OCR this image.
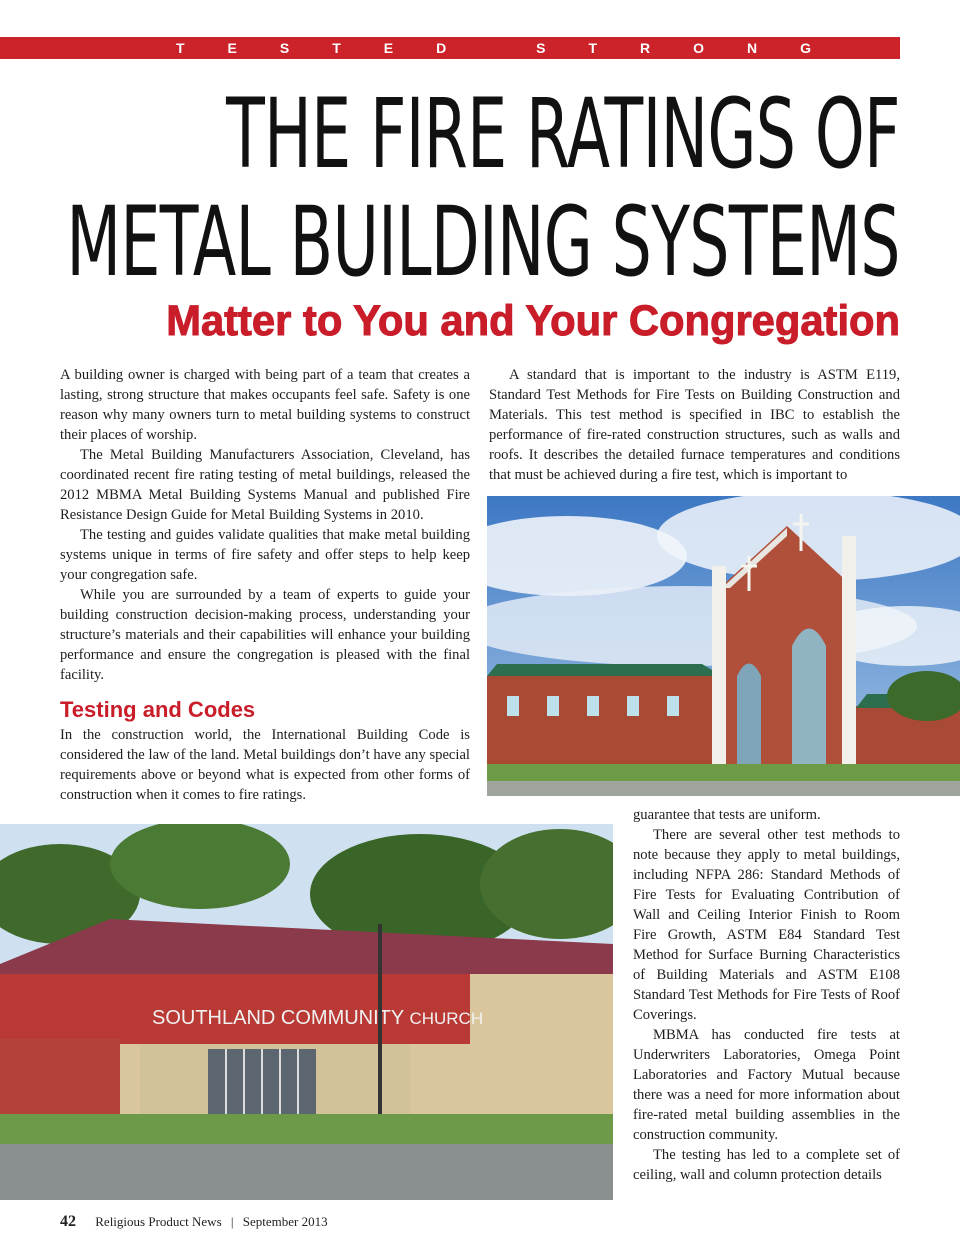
TESTED STRONG
THE FIRE RATINGS OF
METAL BUILDING SYSTEMS
Matter to You and Your Congregation

A building owner is charged with being part of a team that creates a lasting, strong structure that makes occupants feel safe. Safety is one reason why many owners turn to metal building systems to construct their places of worship.

The Metal Building Manufacturers Association, Cleveland, has coordinated recent fire rating testing of metal buildings, released the 2012 MBMA Metal Building Systems Manual and published Fire Resistance Design Guide for Metal Building Systems in 2010.

The testing and guides validate qualities that make metal building systems unique in terms of fire safety and offer steps to help keep your congregation safe.

While you are surrounded by a team of experts to guide your building construction decision-making process, understanding your structure’s materials and their capabilities will enhance your building performance and ensure the congregation is pleased with the final facility.

Testing and Codes

In the construction world, the International Building Code is considered the law of the land. Metal buildings don’t have any special requirements above or beyond what is expected from other forms of construction when it comes to fire ratings.

A standard that is important to the industry is ASTM E119, Standard Test Methods for Fire Tests on Building Construction and Materials. This test method is specified in IBC to establish the performance of fire-rated construction structures, such as walls and roofs. It describes the detailed furnace temperatures and conditions that must be achieved during a fire test, which is important to

SOUTHLAND COMMUNITY CHURCH

guarantee that tests are uniform.

There are several other test methods to note because they apply to metal buildings, including NFPA 286: Standard Methods of Fire Tests for Evaluating Contribution of Wall and Ceiling Interior Finish to Room Fire Growth, ASTM E84 Standard Test Method for Surface Burning Characteristics of Building Materials and ASTM E108 Standard Test Methods for Fire Tests of Roof Coverings.

MBMA has conducted fire tests at Underwriters Laboratories, Omega Point Laboratories and Factory Mutual because there was a need for more information about fire-rated metal building assemblies in the construction community.

The testing has led to a complete set of ceiling, wall and column protection details

42 Religious Product News | September 2013
